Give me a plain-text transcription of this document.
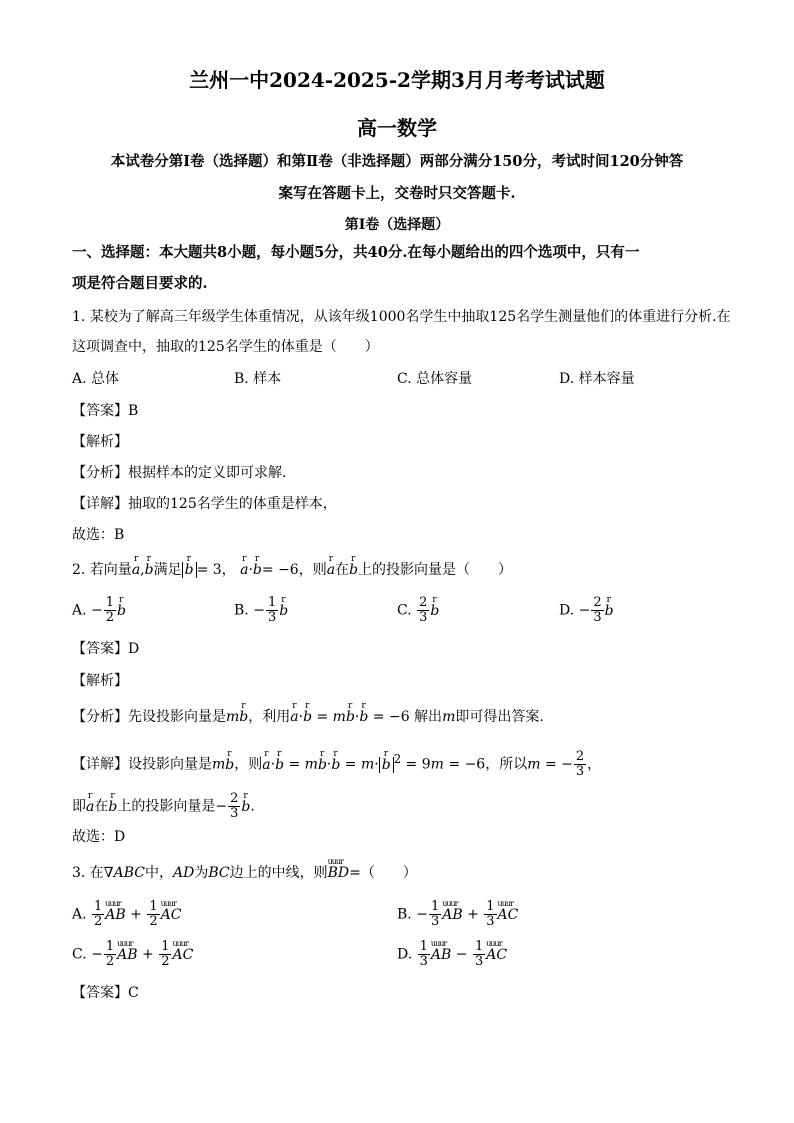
兰州一中2024-2025-2学期3月月考考试试题
高一数学
本试卷分第Ⅰ卷（选择题）和第Ⅱ卷（非选择题）两部分满分150分，考试时间120分钟答
案写在答题卡上，交卷时只交答题卡.
第Ⅰ卷（选择题）
一、选择题：本大题共8小题，每小题5分，共40分.在每小题给出的四个选项中，只有一
项是符合题目要求的.
1. 某校为了解高三年级学生体重情况，从该年级1000名学生中抽取125名学生测量他们的体重进行分析.在
这项调查中，抽取的125名学生的体重是（　　）
A. 总体	B. 样本	C. 总体容量	D. 样本容量
【答案】B
【解析】
【分析】根据样本的定义即可求解.
【详解】抽取的125名学生的体重是样本，
故选：B
2. 若向量r a,r b满足 r b = 3， r a·r b= −6，则r a在r b上的投影向量是（　　）
A. − $\frac{1}{2}$ r b	B. − $\frac{1}{3}$ r b	C. $\frac{2}{3}$ r b	D. − $\frac{2}{3}$ r b
【答案】D
【解析】
【分析】先设投影向量是mr b，利用r a·r b = mr b·r b = −6 解出m即可得出答案.
【详解】设投影向量是mr b，则r a·r b = mr b·r b = m· r b $^2$ = 9m = −6，所以m = − $\frac{2}{3}$ ，
即r a在r b上的投影向量是− $\frac{2}{3}$ r b.
故选：D
3. 在∇ABC中，AD为BC边上的中线，则uuur BD=（　　）
A. $\frac{1}{2}$ uuur AB + $\frac{1}{2}$ uuur AC	B. − $\frac{1}{3}$ uuur AB + $\frac{1}{3}$ uuur AC
C. − $\frac{1}{2}$ uuur AB + $\frac{1}{2}$ uuur AC	D. $\frac{1}{3}$ uuur AB − $\frac{1}{3}$ uuur AC
【答案】C
